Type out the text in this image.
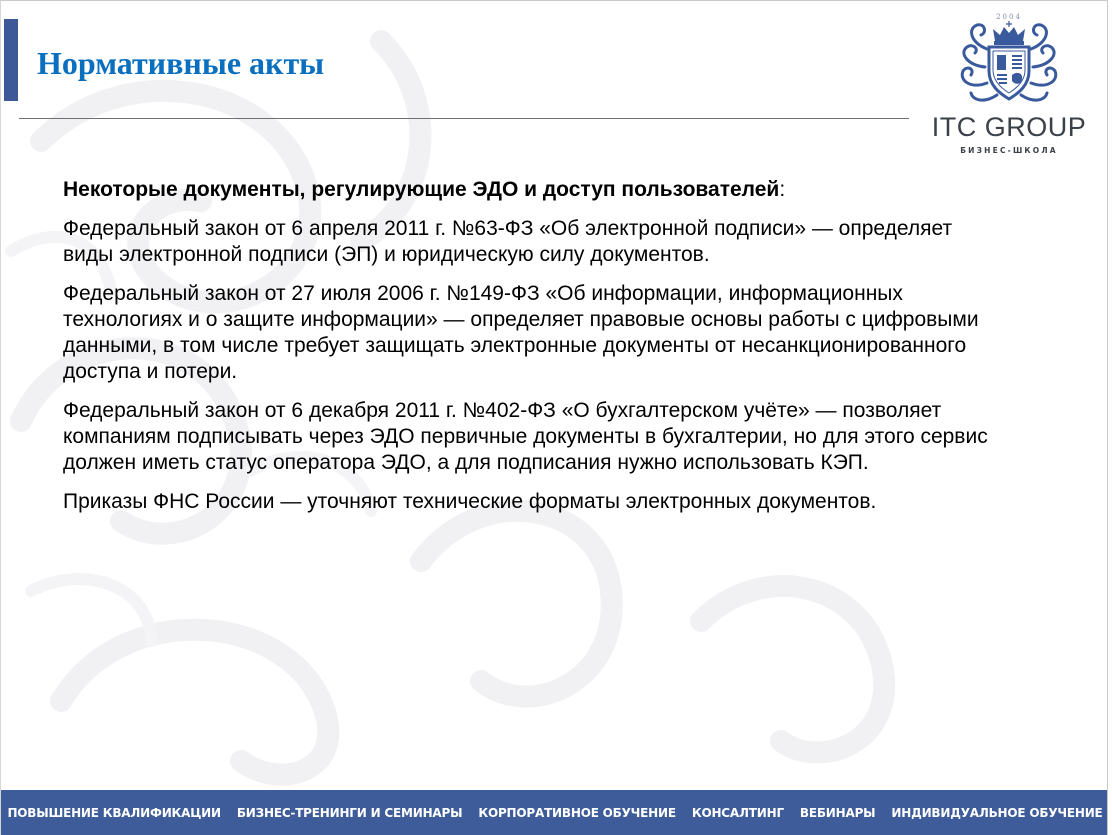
Нормативные акты
2004
ITC GROUP
БИЗНЕС-ШКОЛА
Некоторые документы, регулирующие ЭДО и доступ пользователей:

Федеральный закон от 6 апреля 2011 г. №63-ФЗ «Об электронной подписи» — определяет виды электронной подписи (ЭП) и юридическую силу документов.

Федеральный закон от 27 июля 2006 г. №149-ФЗ «Об информации, информационных технологиях и о защите информации» — определяет правовые основы работы с цифровыми данными, в том числе требует защищать электронные документы от несанкционированного доступа и потери.

Федеральный закон от 6 декабря 2011 г. №402-ФЗ «О бухгалтерском учёте» — позволяет компаниям подписывать через ЭДО первичные документы в бухгалтерии, но для этого сервис должен иметь статус оператора ЭДО, а для подписания нужно использовать КЭП.

Приказы ФНС России — уточняют технические форматы электронных документов.

ПОВЫШЕНИЕ КВАЛИФИКАЦИИ	БИЗНЕС-ТРЕНИНГИ И СЕМИНАРЫ	КОРПОРАТИВНОЕ ОБУЧЕНИЕ	КОНСАЛТИНГ	ВЕБИНАРЫ	ИНДИВИДУАЛЬНОЕ ОБУЧЕНИЕ
